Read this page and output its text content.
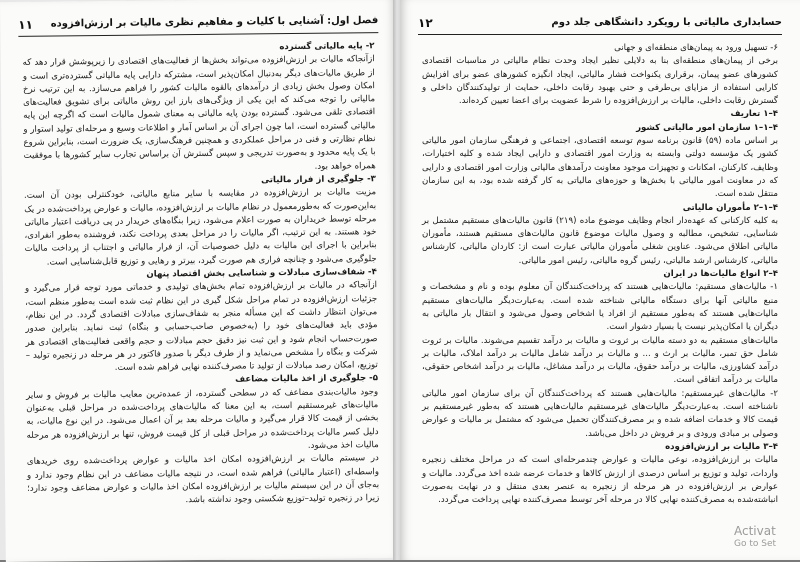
فصل اول: آشنایی با کلیات و مفاهیم نظری مالیات بر ارزش‌افزوده
۱۱

۲- پایه مالیاتی گسترده

ازآنجاکه مالیات بر ارزش‌افزوده می‌تواند بخش‌ها از فعالیت‌های اقتصادی را زیرپوشش قرار دهد که از طریق مالیات‌های دیگر به‌دنبال امکان‌پذیر است، مشترکه دارایی پایه مالیاتی گسترده‌تری است و امکان وصول بخش زیادی از درآمدهای بالقوه مالیات کشور را فراهم می‌سازد. به این ترتیب نرخ مالیاتی را توجه می‌کند که این یکی از ویژگی‌های بارز این روش مالیاتی برای تشویق فعالیت‌های اقتصادی تلقی می‌شود. گسترده بودن پایه مالیاتی به معنای شمول مالیات است که اگرچه این پایه مالیاتی گسترده است، اما چون اجرای آن بر اساس آمار و اطلاعات وسیع و مرحله‌ای تولید استوار و نظام نظارتی و فنی در مراحل عملکردی و همچنین فرهنگ‌سازی، یک ضرورت است، بنابراین شروع با یک پایه محدود و به‌صورت تدریجی و سپس گسترش آن براساس تجارب سایر کشورها با موفقیت همراه خواهد بود.

۳- جلوگیری از فرار مالیاتی

مزیت مالیات بر ارزش‌افزوده در مقایسه با سایر منابع مالیاتی، خودکنترلی بودن آن است. به‌این‌صورت که به‌طورمعمول در نظام مالیات بر ارزش‌افزوده، مالیات و عوارض پرداخت‌شده در یک مرحله توسط خریداران به صورت اعلام می‌شود، زیرا بنگاه‌های خریدار در پی دریافت اعتبار مالیاتی خود هستند. به این ترتیب، اگر مالیات را در مراحل بعدی پرداخت نکند، فروشنده به‌طور انفرادی، بنابراین با اجرای این مالیات به دلیل خصوصیات آن، از فرار مالیاتی و اجتناب از پرداخت مالیات جلوگیری می‌شود و چنانچه فراری هم صورت گیرد، بیرتر و رهایی و توزیع قابل‌شناسایی است.

۴- شفاف‌سازی مبادلات و شناسایی بخش اقتصاد پنهان

ازآنجاکه در مالیات بر ارزش‌افزوده تمام بخش‌های تولیدی و خدماتی مورد توجه قرار می‌گیرد و جزئیات ارزش‌افزوده در تمام مراحل شکل گیری در این نظام ثبت شده است به‌طور منظم است، می‌توان انتظار داشت که این مسأله منجر به شفاف‌سازی مبادلات اقتصادی گردد. در این نظام، مؤدی باید فعالیت‌های خود را (به‌خصوص صاحب‌حسابی و بنگاه) ثبت نماید. بنابراین صدور صورت‌حساب انجام شود و این ثبت نیز دقیق حجم مبادلات و حجم واقعی فعالیت‌های اقتصادی هر شرکت و بنگاه را مشخص می‌نماید و از طرف دیگر با صدور فاکتور در هر مرحله در زنجیره تولید – توزیع، امکان رصد مبادلات از تولید تا مصرف‌کننده نهایی فراهم شده است.

۵- جلوگیری از اخذ مالیات مضاعف

وجود مالیات‌بندی مضاعف که در سطحی گسترده، از عمده‌ترین معایب مالیات بر فروش و سایر مالیات‌های غیرمستقیم است، به این معنا که مالیات‌های پرداخت‌شده در مراحل قبلی به‌عنوان بخشی از قیمت کالا قرار می‌گیرد و مالیات مرحله بعد بر آن اعمال می‌شود. در این نوع مالیات، به دلیل کسر مالیات پرداخت‌شده در مراحل قبلی از کل قیمت فروش، تنها بر ارزش‌افزوده هر مرحله مالیات اخذ می‌شود.

در سیستم مالیات بر ارزش‌افزوده امکان اخذ مالیات و عوارض پرداخت‌شده روی خریدهای واسطه‌ای (اعتبار مالیاتی) فراهم شده است، در نتیجه مالیات مضاعف در این نظام وجود ندارد و به‌جای آن در این سیستم مالیات بر ارزش‌افزوده امکان اخذ مالیات و عوارض مضاعف وجود ندارد؛ زیرا در زنجیره تولید–توزیع شکستی وجود نداشته باشد.

حسابداری مالیاتی با رویکرد دانشگاهی جلد دوم
۱۲

۶- تسهیل ورود به پیمان‌های منطقه‌ای و جهانی

برخی از پیمان‌های منطقه‌ای بنا به دلایلی نظیر ایجاد وحدت نظام مالیاتی در مناسبات اقتصادی کشورهای عضو پیمان، برقراری یکنواخت فشار مالیاتی، ایجاد انگیزه کشورهای عضو برای افزایش کارایی استفاده از مزایای بی‌طرفی و حتی بهبود رقابت داخلی، حمایت از تولیدکنندگان داخلی و گسترش رقابت داخلی، مالیات بر ارزش‌افزوده را شرط عضویت برای اعضا تعیین کرده‌اند.

۴–۱ تعاریف

۴–۱–۱ سازمان امور مالیاتی کشور

بر اساس ماده (۵۹) قانون برنامه سوم توسعه اقتصادی، اجتماعی و فرهنگی سازمان امور مالیاتی کشور یک مؤسسه دولتی وابسته به وزارت امور اقتصادی و دارایی ایجاد شده و کلیه اختیارات، وظایف، کارکنان، امکانات و تجهیزات موجود معاونت درآمدهای مالیاتی وزارت امور اقتصادی و دارایی که در معاونت امور مالیاتی با بخش‌ها و حوزه‌های مالیاتی به کار گرفته شده بود، به این سازمان منتقل شده است.

۴–۱–۲ مأموران مالیاتی

به کلیه کارکنانی که عهده‌دار انجام وظایف موضوع ماده (۲۱۹) قانون مالیات‌های مستقیم مشتمل بر شناسایی، تشخیص، مطالبه و وصول مالیات موضوع قانون مالیات‌های مستقیم هستند، مأموران مالیاتی اطلاق می‌شود. عناوین شغلی مأموران مالیاتی عبارت است از: کاردان مالیاتی، کارشناس مالیاتی، کارشناس ارشد مالیاتی، رئیس گروه مالیاتی، رئیس امور مالیاتی.

۴–۲ انواع مالیات‌ها در ایران

۱- مالیات‌های مستقیم: مالیات‌هایی هستند که پرداخت‌کنندگان آن معلوم بوده و نام و مشخصات و منبع مالیاتی آنها برای دستگاه مالیاتی شناخته شده است. به‌عبارت‌دیگر مالیات‌های مستقیم مالیات‌هایی هستند که به‌طور مستقیم از افراد یا اشخاص وصول می‌شود و انتقال بار مالیاتی به دیگران یا امکان‌پذیر نیست یا بسیار دشوار است.

مالیات‌های مستقیم به دو دسته مالیات بر ثروت و مالیات بر درآمد تقسیم می‌شوند. مالیات بر ثروت شامل حق تمبر، مالیات بر ارث و ... و مالیات بر درآمد شامل مالیات بر درآمد املاک، مالیات بر درآمد کشاورزی، مالیات بر درآمد حقوق، مالیات بر درآمد مشاغل، مالیات بر درآمد اشخاص حقوقی، مالیات بر درآمد اتفاقی است.

۲- مالیات‌های غیرمستقیم: مالیات‌هایی هستند که پرداخت‌کنندگان آن برای سازمان امور مالیاتی ناشناخته است. به‌عبارت‌دیگر مالیات‌های غیرمستقیم مالیات‌هایی هستند که به‌طور غیرمستقیم بر قیمت کالا و خدمات اضافه شده و بر مصرف‌کنندگان تحمیل می‌شود که مشتمل بر مالیات و عوارض وصولی بر مبادی ورودی و بر فروش در داخل می‌باشد.

۴–۳ مالیات بر ارزش‌افزوده

مالیات بر ارزش‌افزوده، نوعی مالیات و عوارض چندمرحله‌ای است که در مراحل مختلف زنجیره واردات، تولید و توزیع بر اساس درصدی از ارزش کالاها و خدمات عرضه شده اخذ می‌گردد. مالیات و عوارض بر ارزش‌افزوده در هر مرحله از زنجیره به عنصر بعدی منتقل و در نهایت به‌صورت انباشته‌شده به مصرف‌کننده نهایی کالا در مرحله آخر توسط مصرف‌کننده نهایی پرداخت می‌گردد.

Activat
Go to Set
